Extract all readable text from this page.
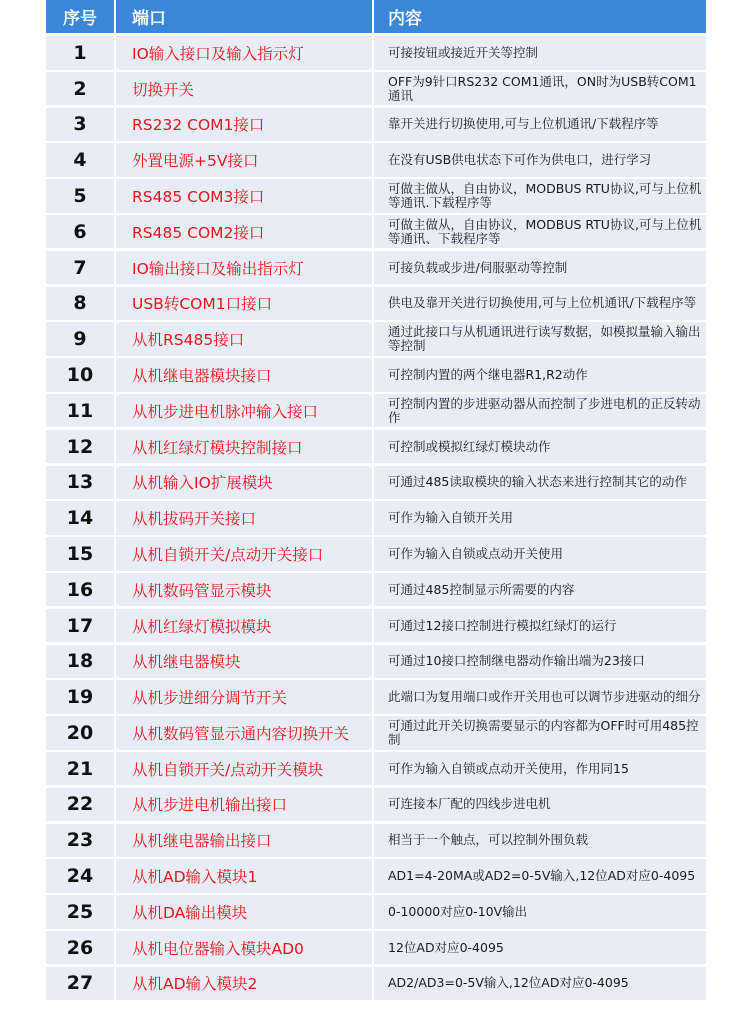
序号	端口	内容
1	IO输入接口及输入指示灯	可接按钮或接近开关等控制
2	切换开关	OFF为9针口RS232 COM1通讯，ON时为USB转COM1通讯
3	RS232 COM1接口	靠开关进行切换使用,可与上位机通讯/下载程序等
4	外置电源+5V接口	在没有USB供电状态下可作为供电口，进行学习
5	RS485 COM3接口	可做主做从，自由协议，MODBUS RTU协议,可与上位机等通讯.下载程序等
6	RS485 COM2接口	可做主做从，自由协议，MODBUS RTU协议,可与上位机等通讯、下载程序等
7	IO输出接口及输出指示灯	可接负载或步进/伺服驱动等控制
8	USB转COM1口接口	供电及靠开关进行切换使用,可与上位机通讯/下载程序等
9	从机RS485接口	通过此接口与从机通讯进行读写数据，如模拟量输入输出等控制
10	从机继电器模块接口	可控制内置的两个继电器R1,R2动作
11	从机步进电机脉冲输入接口	可控制内置的步进驱动器从而控制了步进电机的正反转动作
12	从机红绿灯模块控制接口	可控制或模拟红绿灯模块动作
13	从机输入IO扩展模块	可通过485读取模块的输入状态来进行控制其它的动作
14	从机拔码开关接口	可作为输入自锁开关用
15	从机自锁开关/点动开关接口	可作为输入自锁或点动开关使用
16	从机数码管显示模块	可通过485控制显示所需要的内容
17	从机红绿灯模拟模块	可通过12接口控制进行模拟红绿灯的运行
18	从机继电器模块	可通过10接口控制继电器动作输出端为23接口
19	从机步进细分调节开关	此端口为复用端口或作开关用也可以调节步进驱动的细分
20	从机数码管显示通内容切换开关	可通过此开关切换需要显示的内容都为OFF时可用485控制
21	从机自锁开关/点动开关模块	可作为输入自锁或点动开关使用，作用同15
22	从机步进电机输出接口	可连接本厂配的四线步进电机
23	从机继电器输出接口	相当于一个触点，可以控制外围负载
24	从机AD输入模块1	AD1=4-20MA或AD2=0-5V输入,12位AD对应0-4095
25	从机DA输出模块	0-10000对应0-10V输出
26	从机电位器输入模块AD0	12位AD对应0-4095
27	从机AD输入模块2	AD2/AD3=0-5V输入,12位AD对应0-4095
